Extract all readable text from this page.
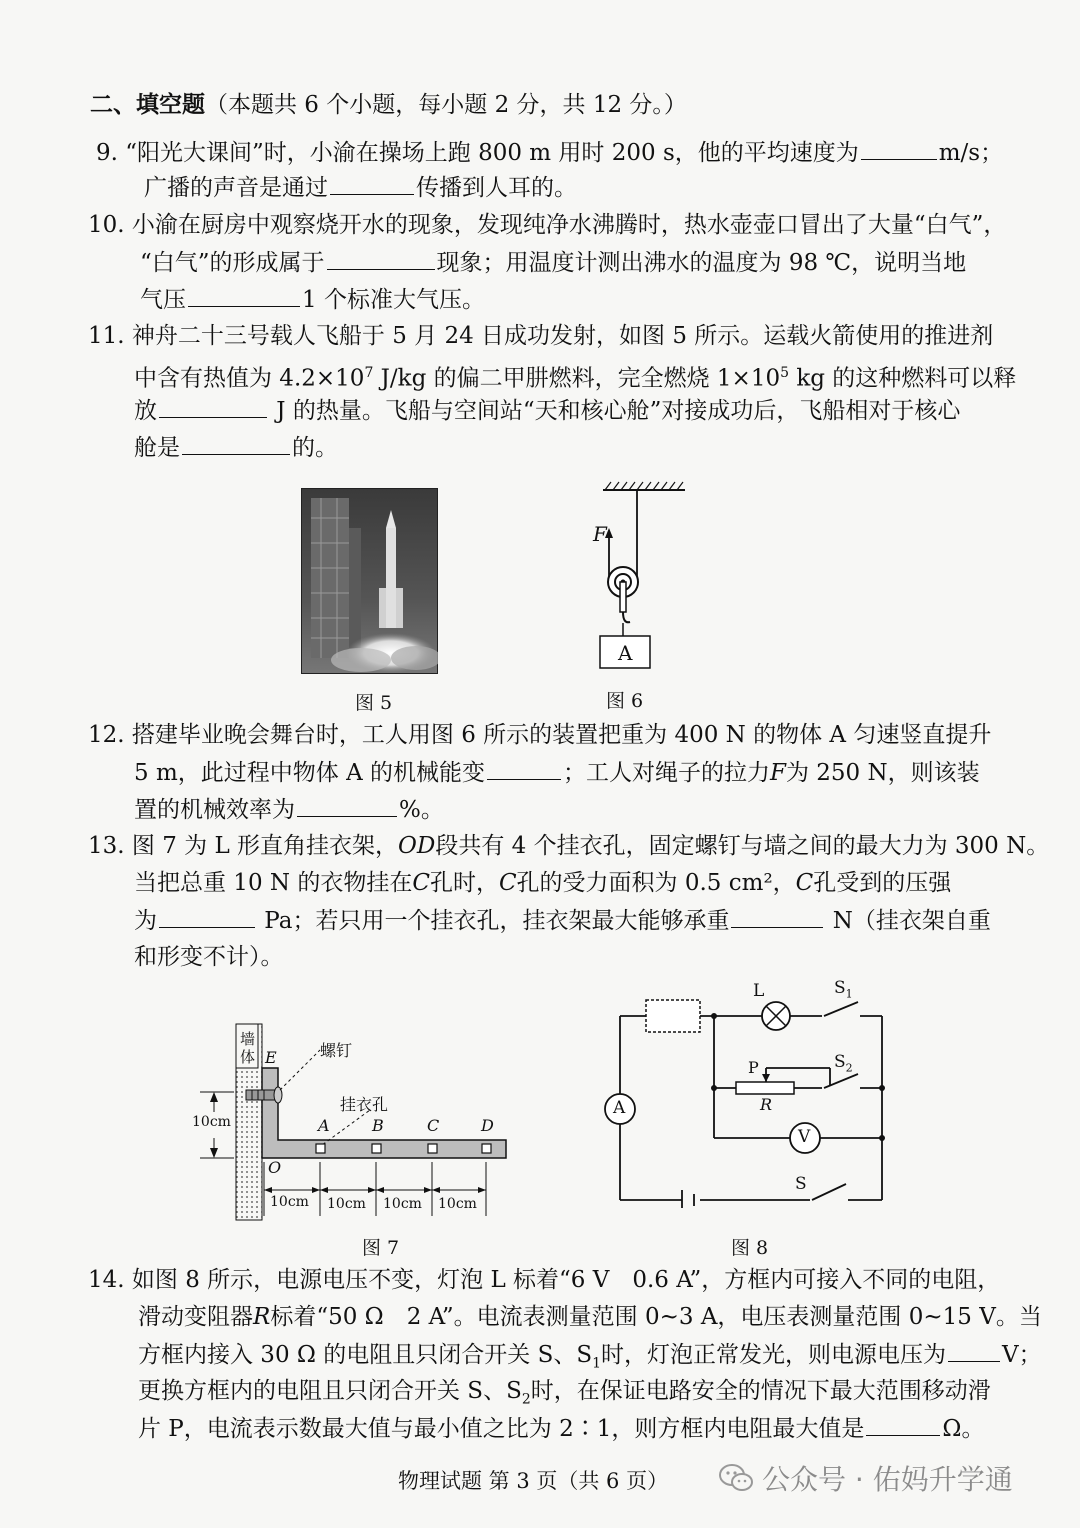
二、填空题（本题共 6 个小题，每小题 2 分，共 12 分。）
9. “阳光大课间”时，小渝在操场上跑 800 m 用时 200 s，他的平均速度为	m/s；
广播的声音是通过	传播到人耳的。
10. 小渝在厨房中观察烧开水的现象，发现纯净水沸腾时，热水壶壶口冒出了大量“白气”，
“白气”的形成属于	现象；用温度计测出沸水的温度为 98 ℃，说明当地
气压	1 个标准大气压。
11. 神舟二十三号载人飞船于 5 月 24 日成功发射，如图 5 所示。运载火箭使用的推进剂
中含有热值为 $4.2\times 10^7$ J/kg 的偏二甲肼燃料，完全燃烧 $1\times 10^5$ kg 的这种燃料可以释
放	J 的热量。飞船与空间站“天和核心舱”对接成功后，飞船相对于核心
舱是	的。
图 5
F
A
图 6
12. 搭建毕业晚会舞台时，工人用图 6 所示的装置把重为 400 N 的物体 A 匀速竖直提升
5 m，此过程中物体 A 的机械能变	；工人对绳子的拉力F为 250 N，则该装
置的机械效率为	%。
13. 图 7 为 L 形直角挂衣架，OD段共有 4 个挂衣孔，固定螺钉与墙之间的最大力为 300 N。
当把总重 10 N 的衣物挂在C孔时，C孔的受力面积为 0.5 cm²，C孔受到的压强
为	Pa；若只用一个挂衣孔，挂衣架最大能够承重	N（挂衣架自重
和形变不计）。
墙
体 E
O
螺钉
挂衣孔
10cm	A	B	C	D
10cm 10cm 10cm 10cm
图 7
L	$S_1$
$S_2$
P
R
A
V
S
图 8
14. 如图 8 所示，电源电压不变，灯泡 L 标着“6 V　0.6 A”，方框内可接入不同的电阻，
滑动变阻器R标着“50 Ω　2 A”。电流表测量范围 0~3 A，电压表测量范围 0~15 V。当
方框内接入 30 Ω 的电阻且只闭合开关 S、$S_1$时，灯泡正常发光，则电源电压为 V；
更换方框内的电阻且只闭合开关 S、$S_2$时，在保证电路安全的情况下最大范围移动滑
片 P，电流表示数最大值与最小值之比为 2∶1，则方框内电阻最大值是	Ω。
物理试题 第 3 页（共 6 页）	公众号 · 佑妈升学通
